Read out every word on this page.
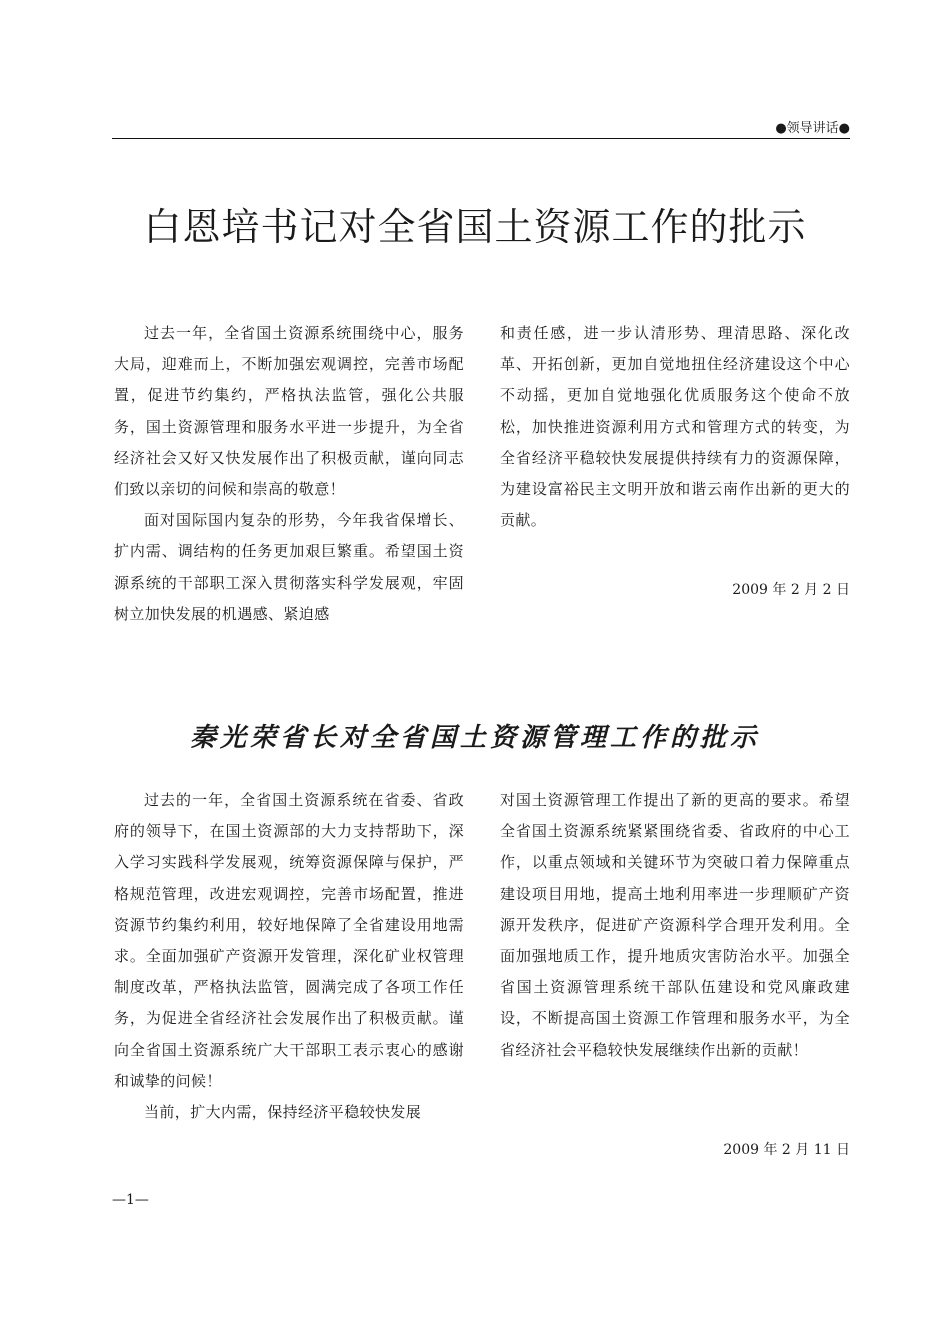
●领导讲话●
白恩培书记对全省国土资源工作的批示

过去一年，全省国土资源系统围绕中心，服务大局，迎难而上，不断加强宏观调控，完善市场配置，促进节约集约，严格执法监管，强化公共服务，国土资源管理和服务水平进一步提升，为全省经济社会又好又快发展作出了积极贡献，谨向同志们致以亲切的问候和崇高的敬意！

面对国际国内复杂的形势，今年我省保增长、扩内需、调结构的任务更加艰巨繁重。希望国土资源系统的干部职工深入贯彻落实科学发展观，牢固树立加快发展的机遇感、紧迫感

和责任感，进一步认清形势、理清思路、深化改革、开拓创新，更加自觉地扭住经济建设这个中心不动摇，更加自觉地强化优质服务这个使命不放松，加快推进资源利用方式和管理方式的转变，为全省经济平稳较快发展提供持续有力的资源保障，为建设富裕民主文明开放和谐云南作出新的更大的贡献。

2009 年 2 月 2 日
秦光荣省长对全省国土资源管理工作的批示

过去的一年，全省国土资源系统在省委、省政府的领导下，在国土资源部的大力支持帮助下，深入学习实践科学发展观，统筹资源保障与保护，严格规范管理，改进宏观调控，完善市场配置，推进资源节约集约利用，较好地保障了全省建设用地需求。全面加强矿产资源开发管理，深化矿业权管理制度改革，严格执法监管，圆满完成了各项工作任务，为促进全省经济社会发展作出了积极贡献。谨向全省国土资源系统广大干部职工表示衷心的感谢和诚挚的问候！

当前，扩大内需，保持经济平稳较快发展

对国土资源管理工作提出了新的更高的要求。希望全省国土资源系统紧紧围绕省委、省政府的中心工作，以重点领域和关键环节为突破口着力保障重点建设项目用地，提高土地利用率进一步理顺矿产资源开发秩序，促进矿产资源科学合理开发利用。全面加强地质工作，提升地质灾害防治水平。加强全省国土资源管理系统干部队伍建设和党风廉政建设，不断提高国土资源工作管理和服务水平，为全省经济社会平稳较快发展继续作出新的贡献！

2009 年 2 月 11 日
—1—
